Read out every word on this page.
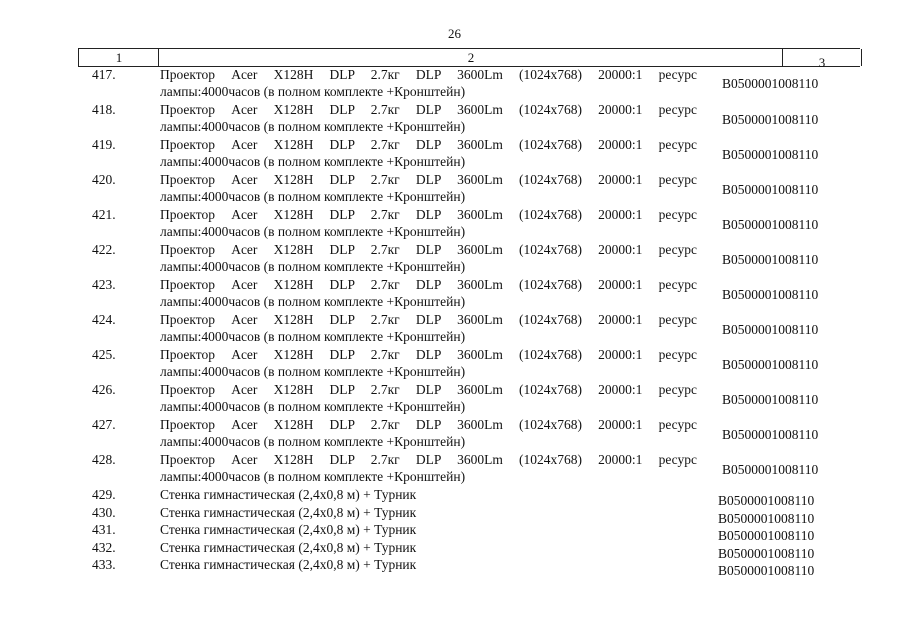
26
1	2	3
417.	Проектор Acer X128H DLP 2.7кг DLP 3600Lm (1024x768) 20000:1 ресурс
лампы:4000часов (в полном комплекте +Кронштейн)
B0500001008110
418.	Проектор Acer X128H DLP 2.7кг DLP 3600Lm (1024x768) 20000:1 ресурс
лампы:4000часов (в полном комплекте +Кронштейн)	B0500001008110
419.	Проектор Acer X128H DLP 2.7кг DLP 3600Lm (1024x768) 20000:1 ресурс
лампы:4000часов (в полном комплекте +Кронштейн)	B0500001008110
420.	Проектор Acer X128H DLP 2.7кг DLP 3600Lm (1024x768) 20000:1 ресурс
лампы:4000часов (в полном комплекте +Кронштейн)	B0500001008110
421.	Проектор Acer X128H DLP 2.7кг DLP 3600Lm (1024x768) 20000:1 ресурс
лампы:4000часов (в полном комплекте +Кронштейн)	B0500001008110
422.	Проектор Acer X128H DLP 2.7кг DLP 3600Lm (1024x768) 20000:1 ресурс
лампы:4000часов (в полном комплекте +Кронштейн)	B0500001008110
423.	Проектор Acer X128H DLP 2.7кг DLP 3600Lm (1024x768) 20000:1 ресурс
лампы:4000часов (в полном комплекте +Кронштейн)	B0500001008110
424.	Проектор Acer X128H DLP 2.7кг DLP 3600Lm (1024x768) 20000:1 ресурс
лампы:4000часов (в полном комплекте +Кронштейн)	B0500001008110
425.	Проектор Acer X128H DLP 2.7кг DLP 3600Lm (1024x768) 20000:1 ресурс
лампы:4000часов (в полном комплекте +Кронштейн)	B0500001008110
426.	Проектор Acer X128H DLP 2.7кг DLP 3600Lm (1024x768) 20000:1 ресурс
лампы:4000часов (в полном комплекте +Кронштейн)	B0500001008110
427.	Проектор Acer X128H DLP 2.7кг DLP 3600Lm (1024x768) 20000:1 ресурс
лампы:4000часов (в полном комплекте +Кронштейн)	B0500001008110
428.	Проектор Acer X128H DLP 2.7кг DLP 3600Lm (1024x768) 20000:1 ресурс
лампы:4000часов (в полном комплекте +Кронштейн)	B0500001008110
429.	Стенка гимнастическая (2,4х0,8 м) + Турник	B0500001008110
430.	Стенка гимнастическая (2,4х0,8 м) + Турник	B0500001008110
431.	Стенка гимнастическая (2,4х0,8 м) + Турник	B0500001008110
432.	Стенка гимнастическая (2,4х0,8 м) + Турник	B0500001008110
433.	Стенка гимнастическая (2,4х0,8 м) + Турник	B0500001008110
